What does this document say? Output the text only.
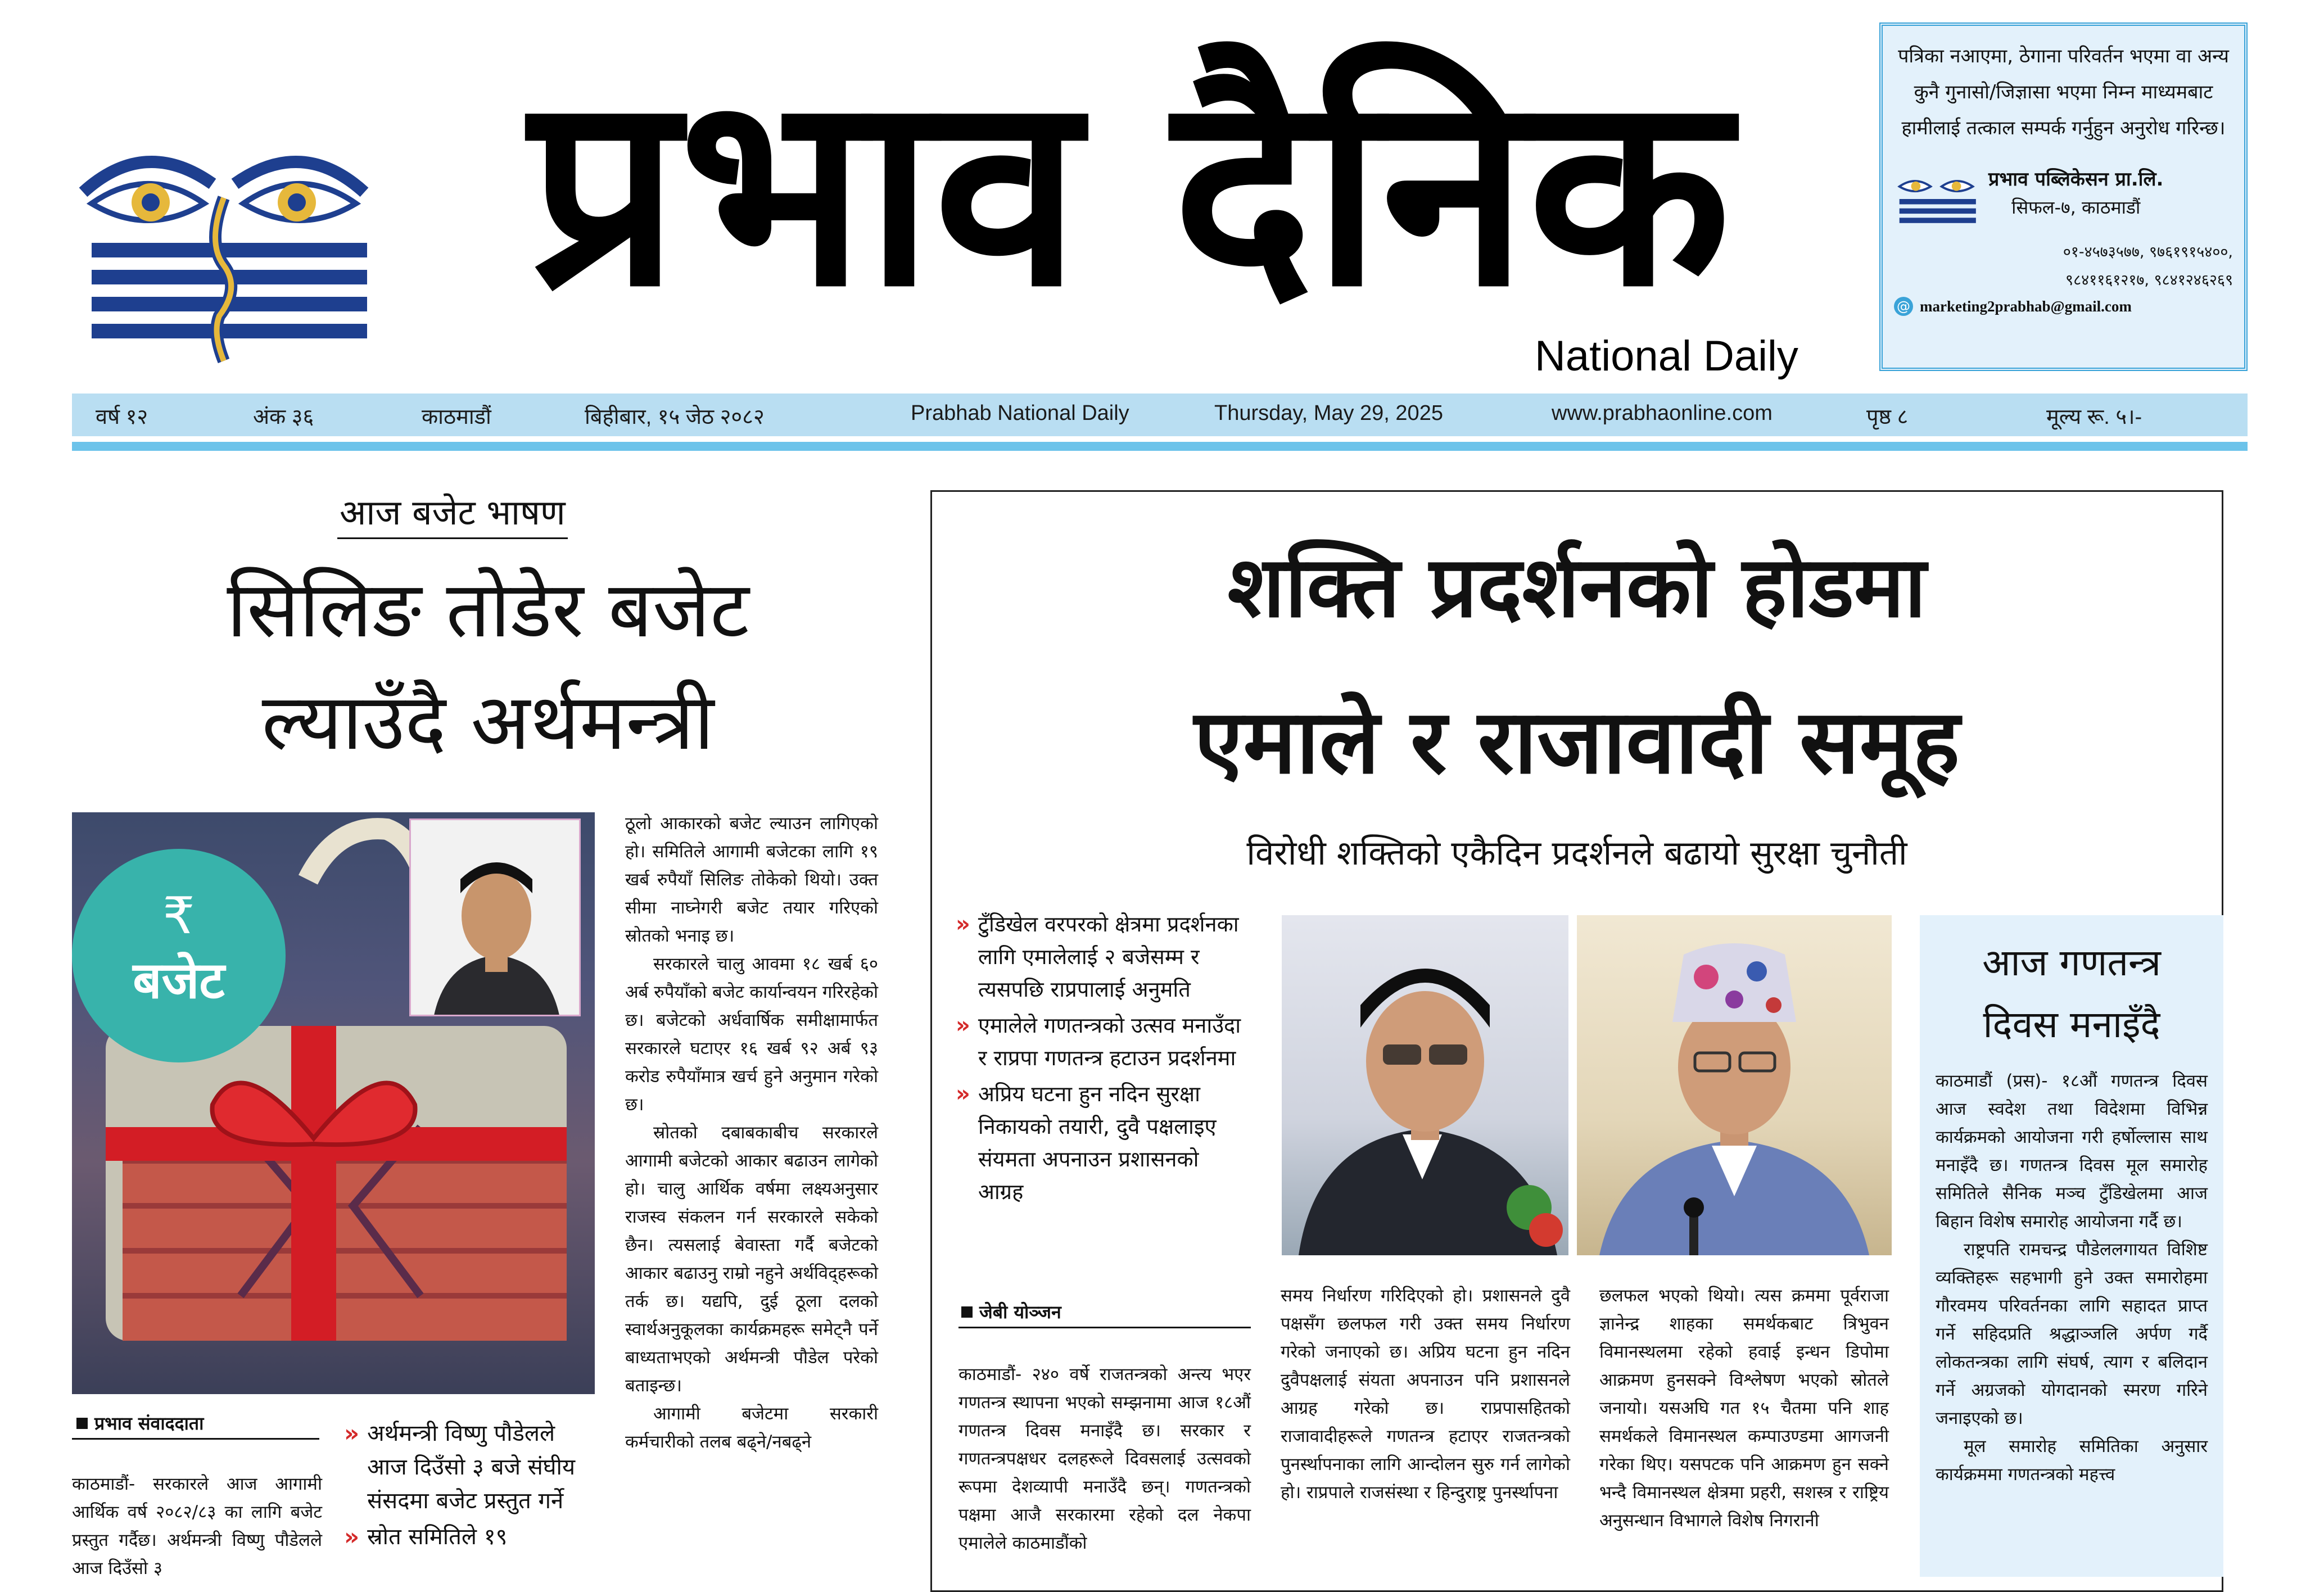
प्रभाव दैनिक
National Daily
पत्रिका नआएमा, ठेगाना परिवर्तन भएमा वा अन्य कुनै गुनासो/जिज्ञासा भएमा निम्न माध्यमबाट हामीलाई तत्काल सम्पर्क गर्नुहुन अनुरोध गरिन्छ।
प्रभाव पब्लिकेसन प्रा.लि.
सिफल-७, काठमाडौं
०१-४५७३५७७, ९७६१९१५४००,
९८४११६१२१७, ९८४१२४६२६९
@ marketing2prabhab@gmail.com
वर्ष १२	अंक ३६	काठमाडौं	बिहीबार, १५ जेठ २०८२	Prabhab National Daily	Thursday, May 29, 2025	www.prabhaonline.com	पृष्ठ ८	मूल्य रू. ५।-
आज बजेट भाषण
सिलिङ तोडेर बजेट
ल्याउँदै अर्थमन्त्री
₹
बजेट

ठूलो आकारको बजेट ल्याउन लागिएको हो। समितिले आगामी बजेटका लागि १९ खर्ब रुपैयाँ सिलिङ तोकेको थियो। उक्त सीमा नाघ्नेगरी बजेट तयार गरिएको स्रोतको भनाइ छ।

सरकारले चालु आवमा १८ खर्ब ६० अर्ब रुपैयाँको बजेट कार्यान्वयन गरिरहेको छ। बजेटको अर्धवार्षिक समीक्षामार्फत सरकारले घटाएर १६ खर्ब ९२ अर्ब ९३ करोड रुपैयाँमात्र खर्च हुने अनुमान गरेको छ।

स्रोतको दबाबकाबीच सरकारले आगामी बजेटको आकार बढाउन लागेको हो। चालु आर्थिक वर्षमा लक्ष्यअनुसार राजस्व संकलन गर्न सरकारले सकेको छैन। त्यसलाई बेवास्ता गर्दै बजेटको आकार बढाउनु राम्रो नहुने अर्थविद्हरूको तर्क छ। यद्यपि, दुई ठूला दलको स्वार्थअनुकूलका कार्यक्रमहरू समेट्नै पर्ने बाध्यताभएको अर्थमन्त्री पौडेल परेको बताइन्छ।

आगामी बजेटमा सरकारी कर्मचारीको तलब बढ्ने/नबढ्ने

प्रभाव संवाददाता
काठमाडौं- सरकारले आज आगामी आर्थिक वर्ष २०८२/८३ का लागि बजेट प्रस्तुत गर्दैछ। अर्थमन्त्री विष्णु पौडेलले आज दिउँसो ३
» अर्थमन्त्री विष्णु पौडेलले आज दिउँसो ३ बजे संघीय संसदमा बजेट प्रस्तुत गर्ने
» स्रोत समितिले १९
शक्ति प्रदर्शनको होडमा
एमाले र राजावादी समूह
विरोधी शक्तिको एकैदिन प्रदर्शनले बढायो सुरक्षा चुनौती
» टुँडिखेल वरपरको क्षेत्रमा प्रदर्शनका लागि एमालेलाई २ बजेसम्म र त्यसपछि राप्रपालाई अनुमति
» एमालेले गणतन्त्रको उत्सव मनाउँदा र राप्रपा गणतन्त्र हटाउन प्रदर्शनमा
» अप्रिय घटना हुन नदिन सुरक्षा निकायको तयारी, दुवै पक्षलाइए संयमता अपनाउन प्रशासनको आग्रह
जेबी योञ्जन
काठमाडौं- २४० वर्षे राजतन्त्रको अन्त्य भएर गणतन्त्र स्थापना भएको सम्झनामा आज १८औं गणतन्त्र दिवस मनाइँदै छ। सरकार र गणतन्त्रपक्षधर दलहरूले दिवसलाई उत्सवको रूपमा देशव्यापी मनाउँदै छन्। गणतन्त्रको पक्षमा आजै सरकारमा रहेको दल नेकपा एमालेले काठमाडौंको
समय निर्धारण गरिदिएको हो। प्रशासनले दुवै पक्षसँग छलफल गरी उक्त समय निर्धारण गरेको जनाएको छ। अप्रिय घटना हुन नदिन दुवैपक्षलाई संयता अपनाउन पनि प्रशासनले आग्रह गरेको छ। राप्रपासहितको राजावादीहरूले गणतन्त्र हटाएर राजतन्त्रको पुनर्स्थापनाका लागि आन्दोलन सुरु गर्न लागेको हो। राप्रपाले राजसंस्था र हिन्दुराष्ट्र पुनर्स्थापना
छलफल भएको थियो। त्यस क्रममा पूर्वराजा ज्ञानेन्द्र शाहका समर्थकबाट त्रिभुवन विमानस्थलमा रहेको हवाई इन्धन डिपोमा आक्रमण हुनसक्ने विश्लेषण भएको स्रोतले जनायो। यसअघि गत १५ चैतमा पनि शाह समर्थकले विमानस्थल कम्पाउण्डमा आगजनी गरेका थिए। यसपटक पनि आक्रमण हुन सक्ने भन्दै विमानस्थल क्षेत्रमा प्रहरी, सशस्त्र र राष्ट्रिय अनुसन्धान विभागले विशेष निगरानी
आज गणतन्त्र
दिवस मनाइँदै
काठमाडौं (प्रस)- १८औं गणतन्त्र दिवस आज स्वदेश तथा विदेशमा विभिन्न कार्यक्रमको आयोजना गरी हर्षोल्लास साथ मनाइँदै छ। गणतन्त्र दिवस मूल समारोह समितिले सैनिक मञ्च टुँडिखेलमा आज बिहान विशेष समारोह आयोजना गर्दै छ।
राष्ट्रपति रामचन्द्र पौडेललगायत विशिष्ट व्यक्तिहरू सहभागी हुने उक्त समारोहमा गौरवमय परिवर्तनका लागि सहादत प्राप्त गर्ने सहिदप्रति श्रद्धाञ्जलि अर्पण गर्दै लोकतन्त्रका लागि संघर्ष, त्याग र बलिदान गर्ने अग्रजको योगदानको स्मरण गरिने जनाइएको छ।
मूल समारोह समितिका अनुसार कार्यक्रममा गणतन्त्रको महत्त्व
